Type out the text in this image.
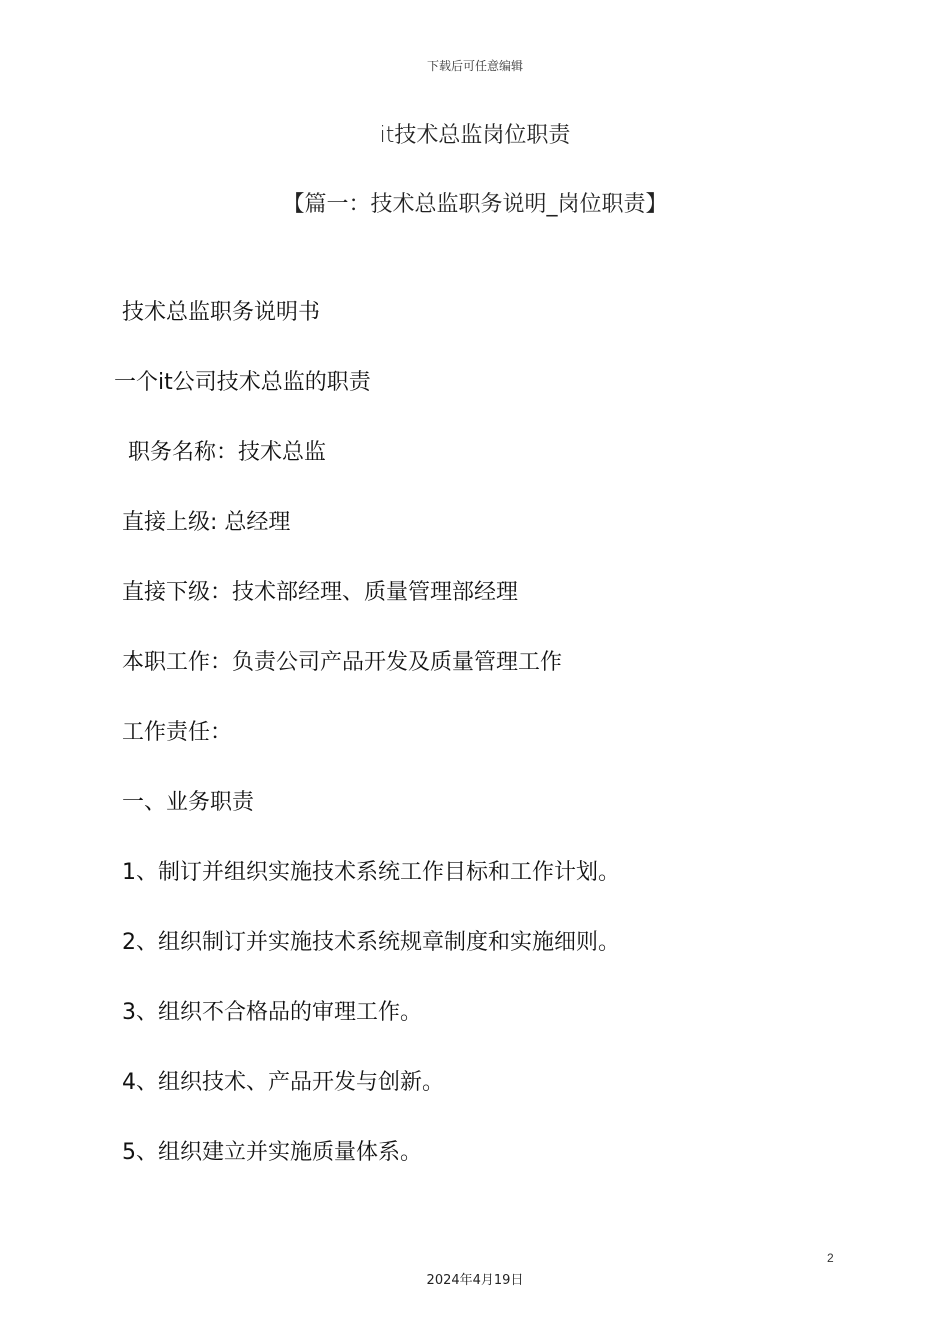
下载后可任意编辑
it技术总监岗位职责
【篇一：技术总监职务说明_岗位职责】
技术总监职务说明书
一个it公司技术总监的职责
职务名称：技术总监
直接上级: 总经理
直接下级：技术部经理、质量管理部经理
本职工作：负责公司产品开发及质量管理工作
工作责任：
一、业务职责
1、制订并组织实施技术系统工作目标和工作计划。
2、组织制订并实施技术系统规章制度和实施细则。
3、组织不合格品的审理工作。
4、组织技术、产品开发与创新。
5、组织建立并实施质量体系。
2
2024年4月19日
